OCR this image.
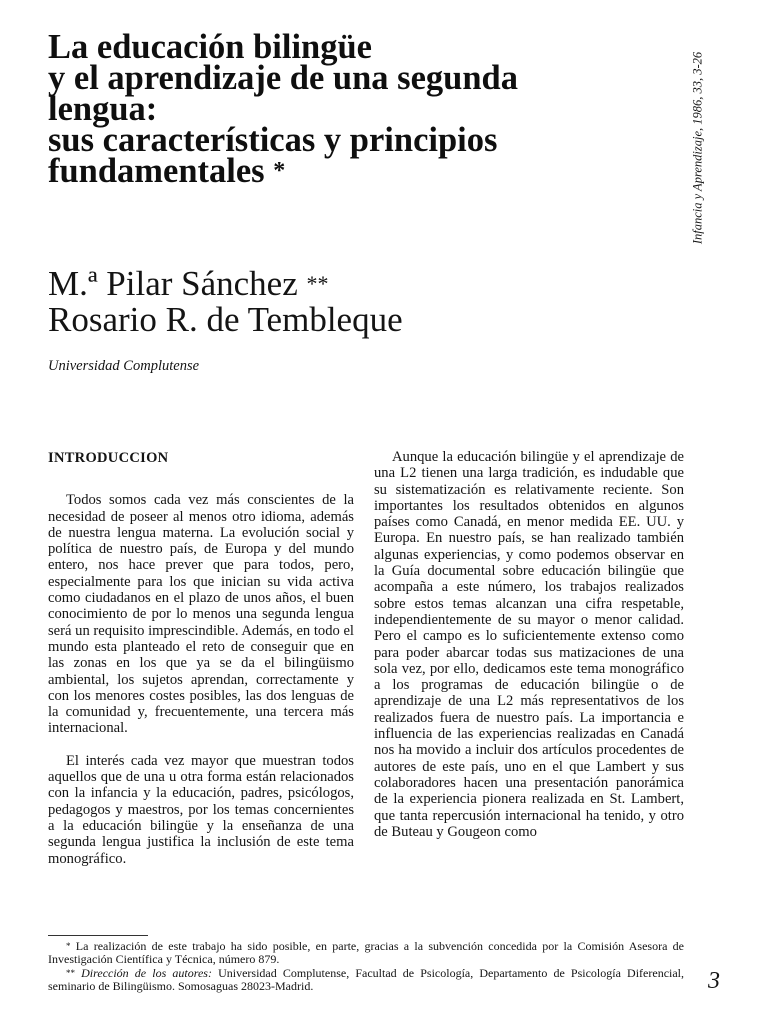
La educación bilingüe
y el aprendizaje de una segunda
lengua:
sus características y principios
fundamentales *	Infancia y Aprendizaje, 1986, 33, 3-26
M.ª Pilar Sánchez **
Rosario R. de Tembleque
Universidad Complutense
INTRODUCCION

Todos somos cada vez más conscientes de la necesidad de poseer al menos otro idioma, además de nuestra lengua materna. La evolución social y política de nuestro país, de Europa y del mundo entero, nos hace prever que para todos, pero, especialmente para los que inician su vida activa como ciudadanos en el plazo de unos años, el buen conocimiento de por lo menos una segunda lengua será un requisito imprescindible. Además, en todo el mundo esta planteado el reto de conseguir que en las zonas en los que ya se da el bilingüismo ambiental, los sujetos aprendan, correctamente y con los menores costes posibles, las dos lenguas de la comunidad y, frecuentemente, una tercera más internacional.

El interés cada vez mayor que muestran todos aquellos que de una u otra forma están relacionados con la infancia y la educación, padres, psicólogos, pedagogos y maestros, por los temas concernientes a la educación bilingüe y la enseñanza de una segunda lengua justifica la inclusión de este tema monográfico.

Aunque la educación bilingüe y el aprendizaje de una L2 tienen una larga tradición, es indudable que su sistematización es relativamente reciente. Son importantes los resultados obtenidos en algunos países como Canadá, en menor medida EE. UU. y Europa. En nuestro país, se han realizado también algunas experiencias, y como podemos observar en la Guía documental sobre educación bilingüe que acompaña a este número, los trabajos realizados sobre estos temas alcanzan una cifra respetable, independientemente de su mayor o menor calidad. Pero el campo es lo suficientemente extenso como para poder abarcar todas sus matizaciones de una sola vez, por ello, dedicamos este tema monográfico a los programas de educación bilingüe o de aprendizaje de una L2 más representativos de los realizados fuera de nuestro país. La importancia e influencia de las experiencias realizadas en Canadá nos ha movido a incluir dos artículos procedentes de autores de este país, uno en el que Lambert y sus colaboradores hacen una presentación panorámica de la experiencia pionera realizada en St. Lambert, que tanta repercusión internacional ha tenido, y otro de Buteau y Gougeon como

* La realización de este trabajo ha sido posible, en parte, gracias a la subvención concedida por la Comisión Asesora de Investigación Científica y Técnica, número 879.

** Dirección de los autores: Universidad Complutense, Facultad de Psicología, Departamento de Psicología Diferencial, seminario de Bilingüismo. Somosaguas 28023-Madrid.	3
